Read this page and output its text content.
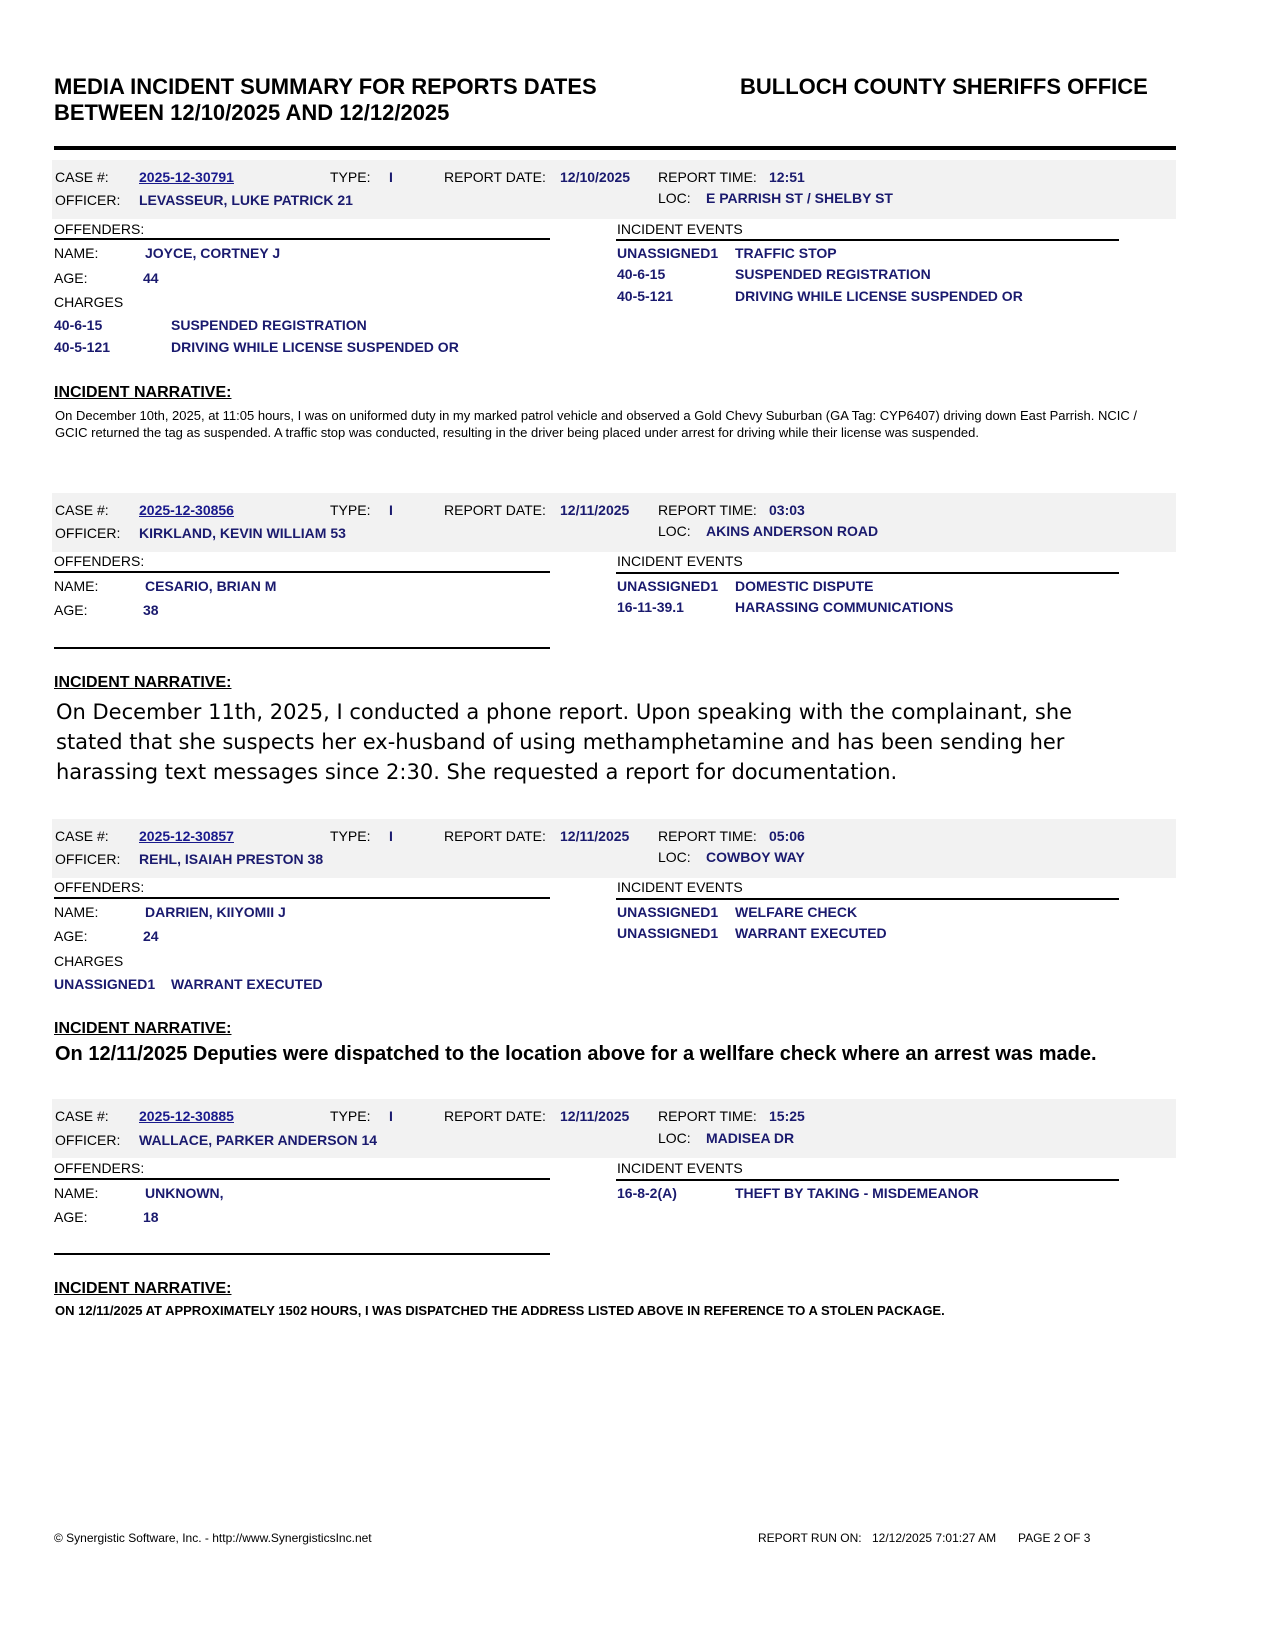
MEDIA INCIDENT SUMMARY FOR REPORTS DATES
BETWEEN 12/10/2025 AND 12/12/2025
BULLOCH COUNTY SHERIFFS OFFICE
CASE #: 2025-12-30791	TYPE: I	REPORT DATE: 12/10/2025 REPORT TIME: 12:51
OFFICER: LEVASSEUR, LUKE PATRICK 21	LOC: E PARRISH ST / SHELBY ST
OFFENDERS:	INCIDENT EVENTS
NAME:	JOYCE, CORTNEY J
AGE:	44
CHARGES
40-6-15	SUSPENDED REGISTRATION
40-5-121	DRIVING WHILE LICENSE SUSPENDED OR
UNASSIGNED1 TRAFFIC STOP
40-6-15	SUSPENDED REGISTRATION
40-5-121	DRIVING WHILE LICENSE SUSPENDED OR
INCIDENT NARRATIVE:
On December 10th, 2025, at 11:05 hours, I was on uniformed duty in my marked patrol vehicle and observed a Gold Chevy Suburban (GA Tag: CYP6407) driving down East Parrish. NCIC / GCIC returned the tag as suspended. A traffic stop was conducted, resulting in the driver being placed under arrest for driving while their license was suspended.
CASE #: 2025-12-30856	TYPE: I	REPORT DATE: 12/11/2025 REPORT TIME: 03:03
OFFICER: KIRKLAND, KEVIN WILLIAM 53	LOC: AKINS ANDERSON ROAD
OFFENDERS:	INCIDENT EVENTS
NAME:	CESARIO, BRIAN M
AGE:	38
UNASSIGNED1 DOMESTIC DISPUTE
16-11-39.1	HARASSING COMMUNICATIONS
INCIDENT NARRATIVE:
On December 11th, 2025, I conducted a phone report. Upon speaking with the complainant, she stated that she suspects her ex-husband of using methamphetamine and has been sending her harassing text messages since 2:30. She requested a report for documentation.
CASE #: 2025-12-30857	TYPE: I	REPORT DATE: 12/11/2025 REPORT TIME: 05:06
OFFICER: REHL, ISAIAH PRESTON 38	LOC: COWBOY WAY
OFFENDERS:	INCIDENT EVENTS
NAME:	DARRIEN, KIIYOMII J
AGE:	24
CHARGES
UNASSIGNED1 WARRANT EXECUTED
UNASSIGNED1 WELFARE CHECK
UNASSIGNED1 WARRANT EXECUTED
INCIDENT NARRATIVE:
On 12/11/2025 Deputies were dispatched to the location above for a wellfare check where an arrest was made.
CASE #: 2025-12-30885	TYPE: I	REPORT DATE: 12/11/2025 REPORT TIME: 15:25
OFFICER: WALLACE, PARKER ANDERSON 14	LOC: MADISEA DR
OFFENDERS:	INCIDENT EVENTS
NAME:	UNKNOWN,
AGE:	18
16-8-2(A)	THEFT BY TAKING - MISDEMEANOR
INCIDENT NARRATIVE:
ON 12/11/2025 AT APPROXIMATELY 1502 HOURS, I WAS DISPATCHED THE ADDRESS LISTED ABOVE IN REFERENCE TO A STOLEN PACKAGE.
© Synergistic Software, Inc. - http://www.SynergisticsInc.net	REPORT RUN ON: 12/12/2025 7:01:27 AM PAGE 2 OF 3
